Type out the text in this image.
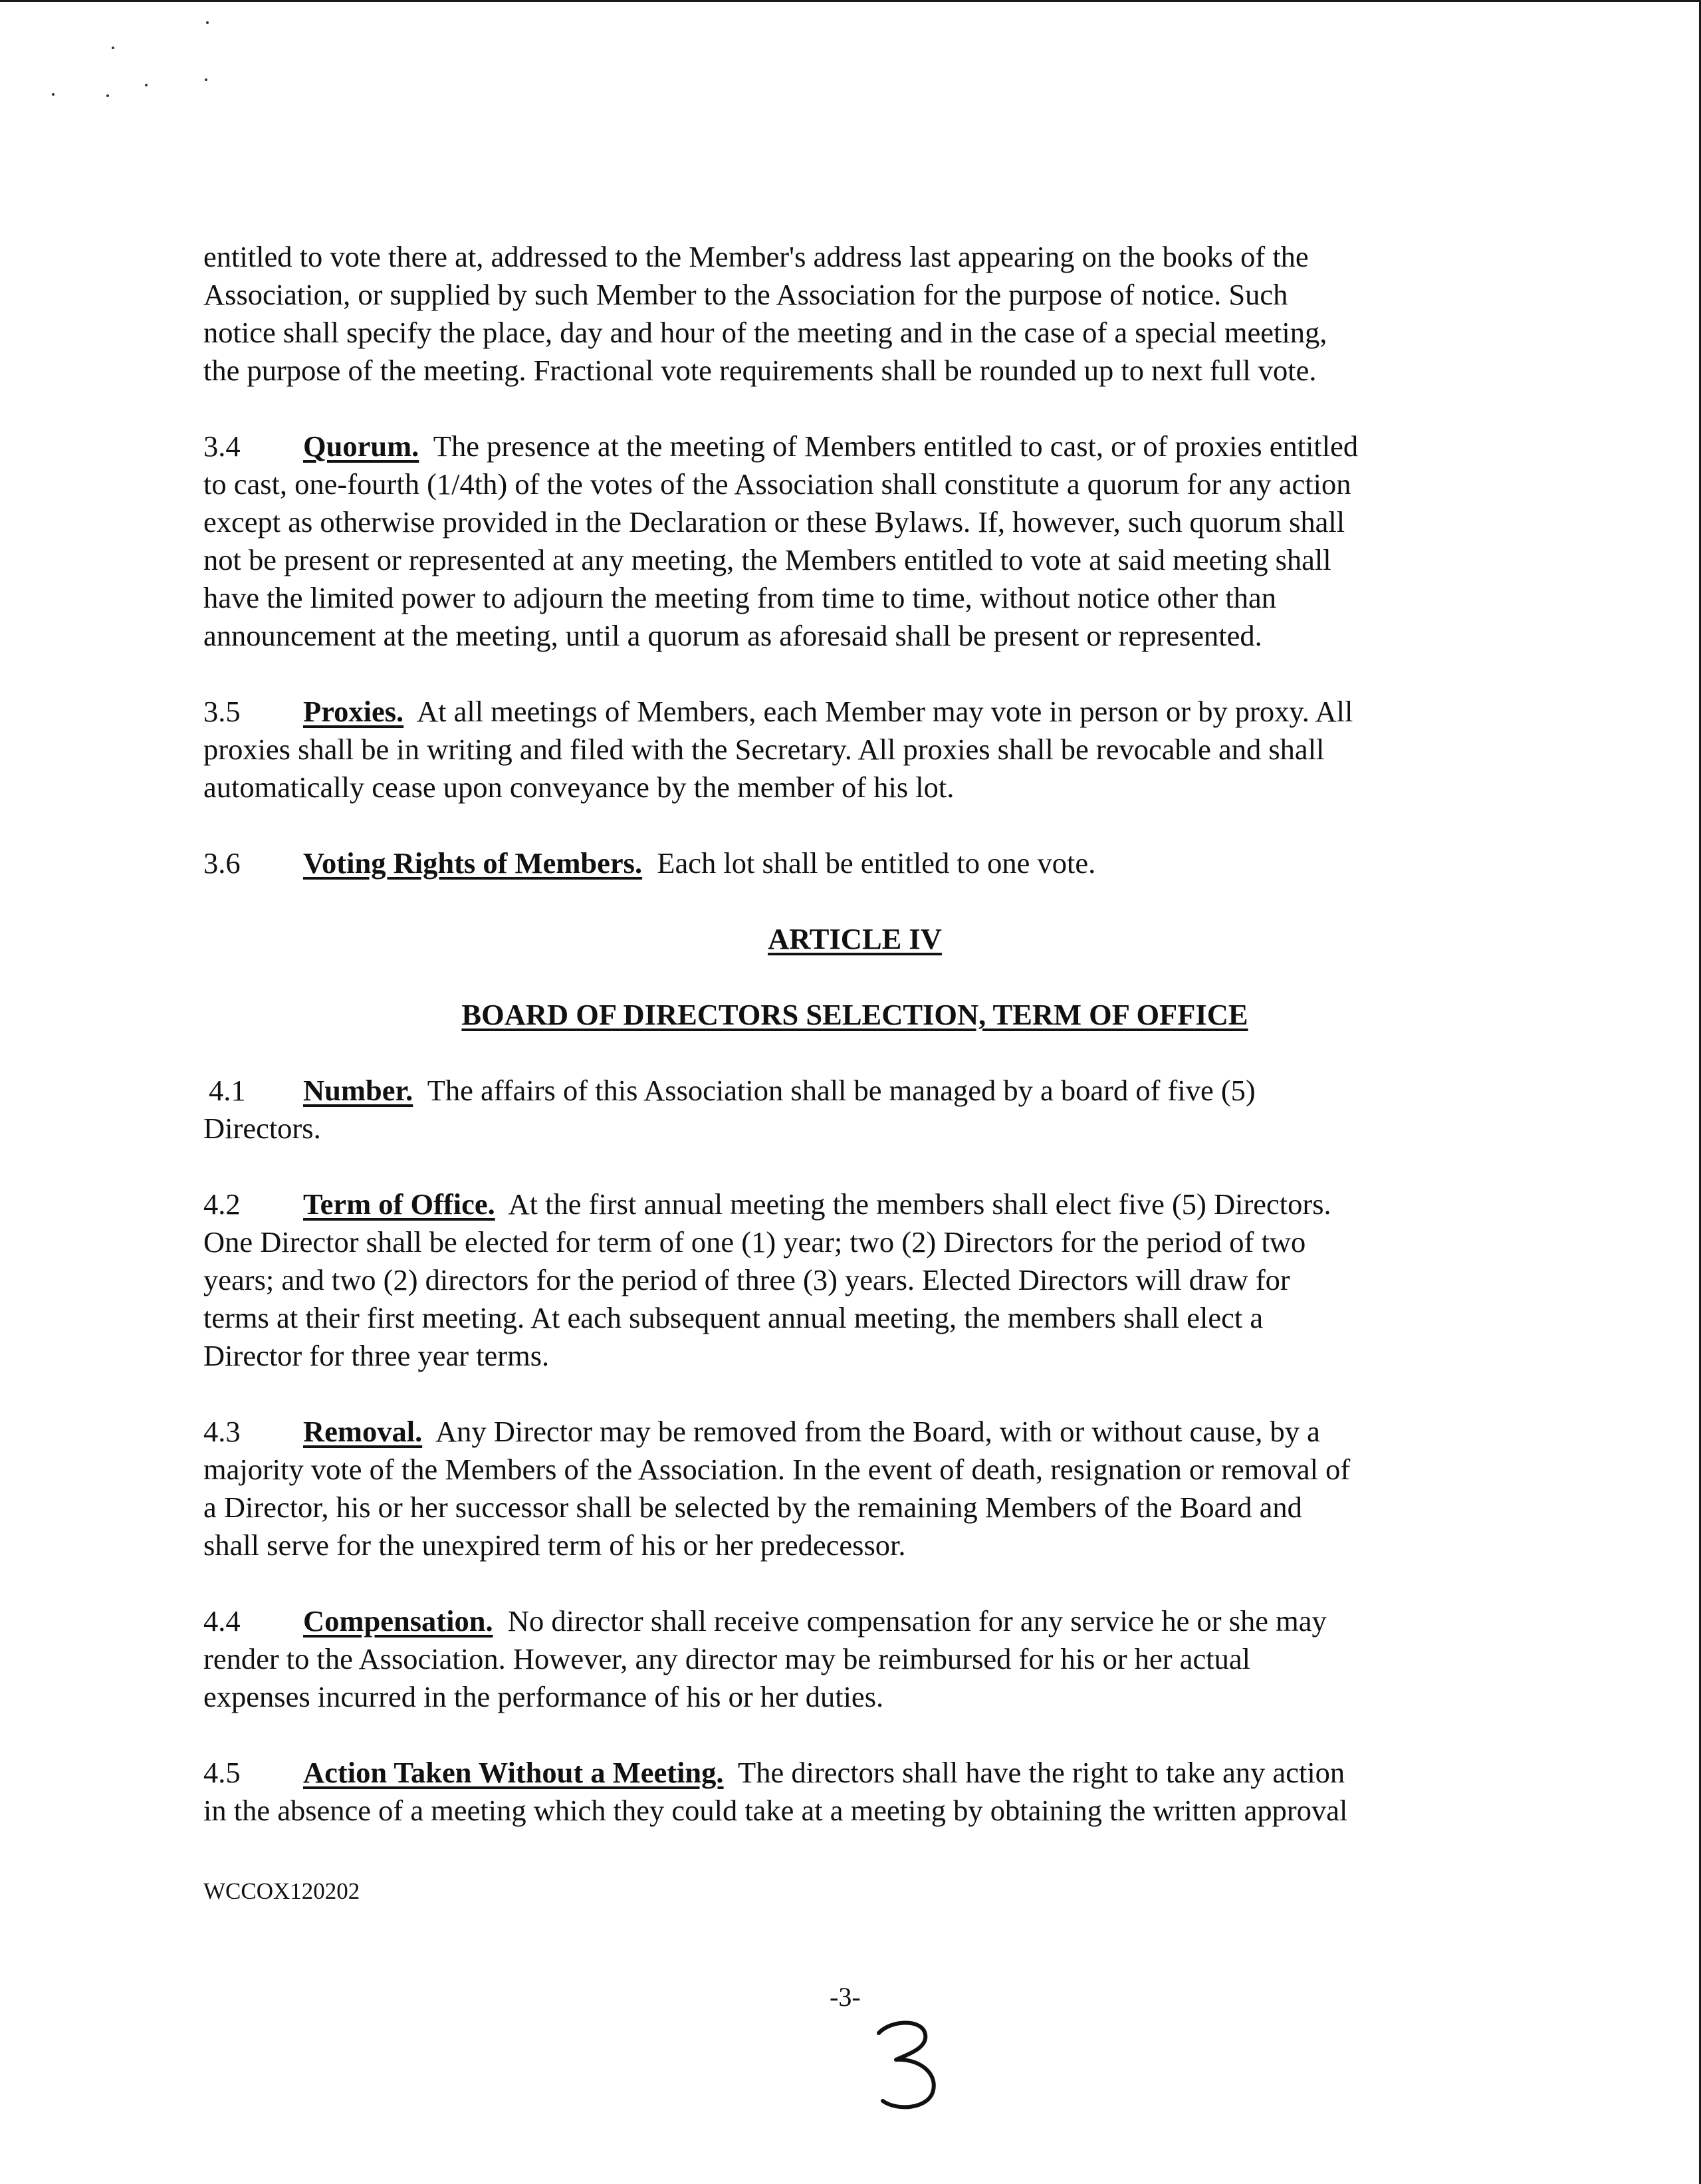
entitled to vote there at, addressed to the Member's address last appearing on the books of the
Association, or supplied by such Member to the Association for the purpose of notice. Such
notice shall specify the place, day and hour of the meeting and in the case of a special meeting,
the purpose of the meeting. Fractional vote requirements shall be rounded up to next full vote.
3.4 Quorum. The presence at the meeting of Members entitled to cast, or of proxies entitled
to cast, one-fourth (1/4th) of the votes of the Association shall constitute a quorum for any action
except as otherwise provided in the Declaration or these Bylaws. If, however, such quorum shall
not be present or represented at any meeting, the Members entitled to vote at said meeting shall
have the limited power to adjourn the meeting from time to time, without notice other than
announcement at the meeting, until a quorum as aforesaid shall be present or represented.
3.5 Proxies. At all meetings of Members, each Member may vote in person or by proxy. All
proxies shall be in writing and filed with the Secretary. All proxies shall be revocable and shall
automatically cease upon conveyance by the member of his lot.
3.6 Voting Rights of Members. Each lot shall be entitled to one vote.
ARTICLE IV
BOARD OF DIRECTORS SELECTION, TERM OF OFFICE
4.1 Number. The affairs of this Association shall be managed by a board of five (5)
Directors.
4.2 Term of Office. At the first annual meeting the members shall elect five (5) Directors.
One Director shall be elected for term of one (1) year; two (2) Directors for the period of two
years; and two (2) directors for the period of three (3) years. Elected Directors will draw for
terms at their first meeting. At each subsequent annual meeting, the members shall elect a
Director for three year terms.
4.3 Removal. Any Director may be removed from the Board, with or without cause, by a
majority vote of the Members of the Association. In the event of death, resignation or removal of
a Director, his or her successor shall be selected by the remaining Members of the Board and
shall serve for the unexpired term of his or her predecessor.
4.4 Compensation. No director shall receive compensation for any service he or she may
render to the Association. However, any director may be reimbursed for his or her actual
expenses incurred in the performance of his or her duties.
4.5 Action Taken Without a Meeting. The directors shall have the right to take any action
in the absence of a meeting which they could take at a meeting by obtaining the written approval
WCCOX120202
-3-
